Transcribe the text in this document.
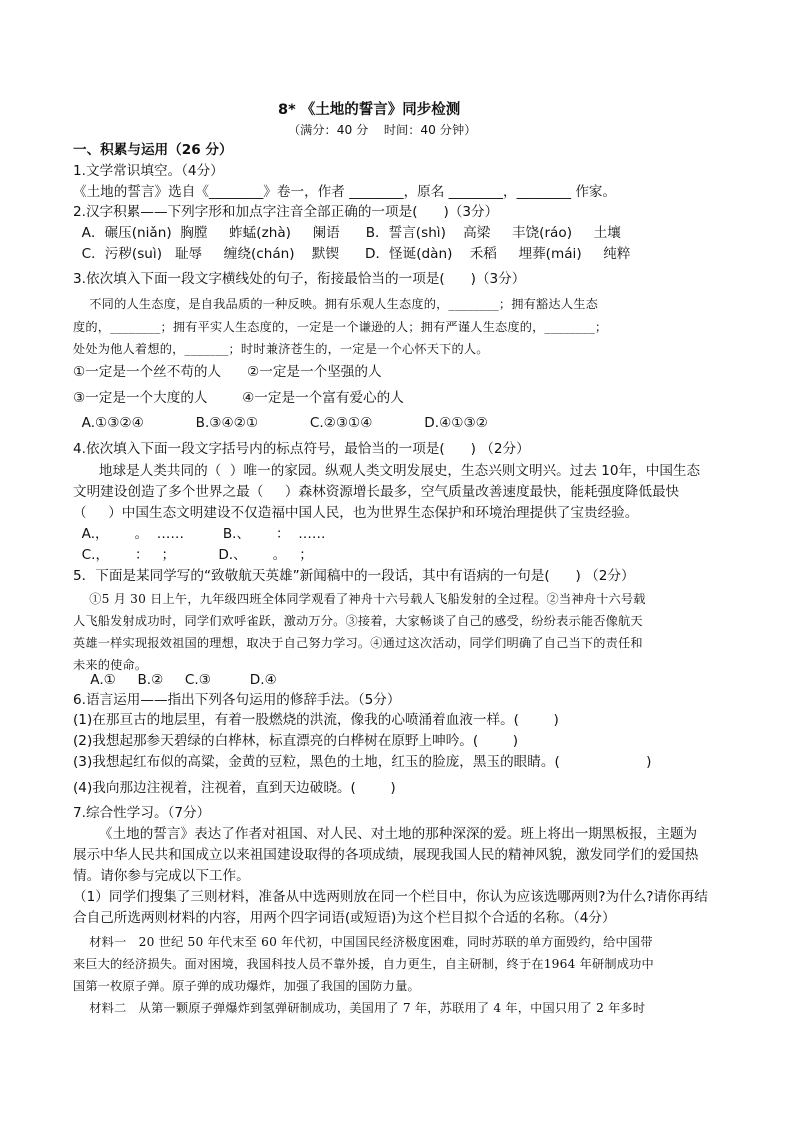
8* 《土地的誓言》同步检测
（满分：40 分    时间：40 分钟）
一、积累与运用（26 分）
1.文学常识填空。（4分）
《土地的誓言》选自《________》卷一，作者 ________，原名 ________，________ 作家。
2.汉字积累——下列字形和加点字注音全部正确的一项是(      )（3分）
A．碾压(niǎn)  胸膛     蚱蜢(zhà)     阑语      B．誓言(shì)    高梁     丰饶(ráo)     土壤
C．污秽(suì)   耻辱     缠绕(chán)    默锲      D．怪诞(dàn)    禾稻     埋葬(mái)     纯粹
3.依次填入下面一段文字横线处的句子，衔接最恰当的一项是(      )（3分）
不同的人生态度，是自我品质的一种反映。拥有乐观人生态度的，________；拥有豁达人生态
度的，________；拥有平实人生态度的，一定是一个谦逊的人；拥有严谨人生态度的，________；
处处为他人着想的，_______；时时兼济苍生的，一定是一个心怀天下的人。
①一定是一个丝不苟的人      ②一定是一个坚强的人
③一定是一个大度的人        ④一定是一个富有爱心的人
A.①③②④            B.③④②①            C.②③①④            D.④①③②
4.依次填入下面一段文字括号内的标点符号，最恰当的一项是(      ) （2分）
地球是人类共同的（  ）唯一的家园。纵观人类文明发展史，生态兴则文明兴。过去 10年，中国生态
文明建设创造了多个世界之最（     ）森林资源增长最多，空气质量改善速度最快，能耗强度降低最快
（     ）中国生态文明建设不仅造福中国人民，也为世界生态保护和环境治理提供了宝贵经验。
A.，      。  ……         B.、      ：  ……
C.，      ：   ；          D.、      。   ；
5．下面是某同学写的“致敬航天英雄”新闻稿中的一段话，其中有语病的一句是(      ) （2分）
①5 月 30 日上午，九年级四班全体同学观看了神舟十六号载人飞船发射的全过程。②当神舟十六号载
人飞船发射成功时，同学们欢呼雀跃，激动万分。③接着，大家畅谈了自己的感受，纷纷表示能否像航天
英雄一样实现报效祖国的理想，取决于自己努力学习。④通过这次活动，同学们明确了自己当下的责任和
未来的使命。
A.①     B.②     C.③         D.④
6.语言运用——指出下列各句运用的修辞手法。（5分）
(1)在那亘古的地层里，有着一股燃烧的洪流，像我的心喷涌着血液一样。(        )
(2)我想起那参天碧绿的白桦林，标直漂亮的白桦树在原野上呻吟。(        )
(3)我想起红布似的高粱，金黄的豆粒，黑色的土地，红玉的脸庞，黑玉的眼睛。(                    )
(4)我向那边注视着，注视着，直到天边破晓。(        )
7.综合性学习。（7分）
《土地的誓言》表达了作者对祖国、对人民、对土地的那种深深的爱。班上将出一期黑板报，主题为
展示中华人民共和国成立以来祖国建设取得的各项成绩，展现我国人民的精神风貌，激发同学们的爱国热
情。请你参与完成以下工作。
（1）同学们搜集了三则材料，准备从中选两则放在同一个栏目中，你认为应该选哪两则?为什么?请你再结
合自己所选两则材料的内容，用两个四字词语(或短语)为这个栏目拟个合适的名称。（4分）
材料一   20 世纪 50 年代末至 60 年代初，中国国民经济极度困难，同时苏联的单方面毁约，给中国带
来巨大的经济损失。面对困境，我国科技人员不靠外援，自力更生，自主研制，终于在1964 年研制成功中
国第一枚原子弹。原子弹的成功爆炸，加强了我国的国防力量。
材料二   从第一颗原子弹爆炸到氢弹研制成功，美国用了 7 年，苏联用了 4 年，中国只用了 2 年多时
